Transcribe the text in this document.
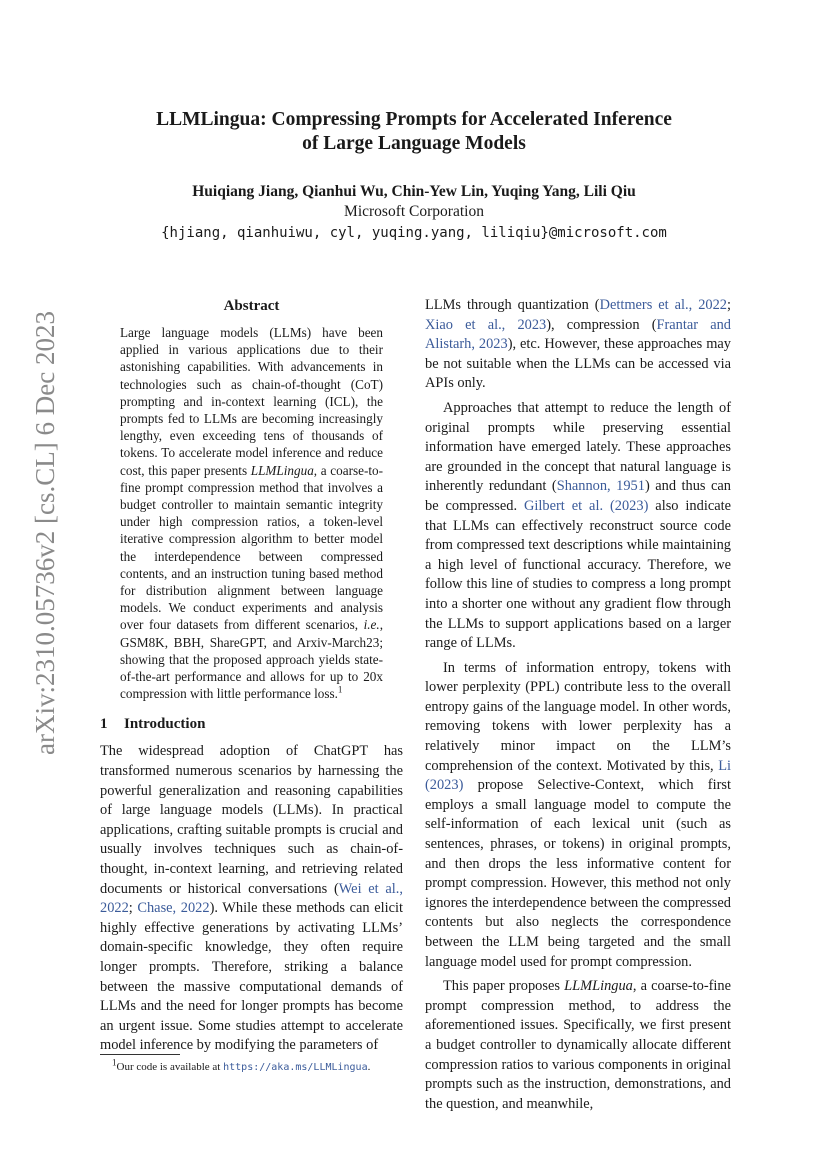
arXiv:2310.05736v2 [cs.CL] 6 Dec 2023
LLMLingua: Compressing Prompts for Accelerated Inference
of Large Language Models
Huiqiang Jiang, Qianhui Wu, Chin-Yew Lin, Yuqing Yang, Lili Qiu
Microsoft Corporation
{hjiang, qianhuiwu, cyl, yuqing.yang, liliqiu}@microsoft.com
Abstract

Large language models (LLMs) have been applied in various applications due to their astonishing capabilities. With advancements in technologies such as chain-of-thought (CoT) prompting and in-context learning (ICL), the prompts fed to LLMs are becoming increasingly lengthy, even exceeding tens of thousands of tokens. To accelerate model inference and reduce cost, this paper presents LLMLingua, a coarse-to-fine prompt compression method that involves a budget controller to maintain semantic integrity under high compression ratios, a token-level iterative compression algorithm to better model the interdependence between compressed contents, and an instruction tuning based method for distribution alignment between language models. We conduct experiments and analysis over four datasets from different scenarios, i.e., GSM8K, BBH, ShareGPT, and Arxiv-March23; showing that the proposed approach yields state-of-the-art performance and allows for up to 20x compression with little performance loss.$^1$

1 Introduction

The widespread adoption of ChatGPT has transformed numerous scenarios by harnessing the powerful generalization and reasoning capabilities of large language models (LLMs). In practical applications, crafting suitable prompts is crucial and usually involves techniques such as chain-of-thought, in-context learning, and retrieving related documents or historical conversations (Wei et al., 2022; Chase, 2022). While these methods can elicit highly effective generations by activating LLMs’ domain-specific knowledge, they often require longer prompts. Therefore, striking a balance between the massive computational demands of LLMs and the need for longer prompts has become an urgent issue. Some studies attempt to accelerate model inference by modifying the parameters of

LLMs through quantization (Dettmers et al., 2022; Xiao et al., 2023), compression (Frantar and Alistarh, 2023), etc. However, these approaches may be not suitable when the LLMs can be accessed via APIs only.

Approaches that attempt to reduce the length of original prompts while preserving essential information have emerged lately. These approaches are grounded in the concept that natural language is inherently redundant (Shannon, 1951) and thus can be compressed. Gilbert et al. (2023) also indicate that LLMs can effectively reconstruct source code from compressed text descriptions while maintaining a high level of functional accuracy. Therefore, we follow this line of studies to compress a long prompt into a shorter one without any gradient flow through the LLMs to support applications based on a larger range of LLMs.

In terms of information entropy, tokens with lower perplexity (PPL) contribute less to the overall entropy gains of the language model. In other words, removing tokens with lower perplexity has a relatively minor impact on the LLM’s comprehension of the context. Motivated by this, Li (2023) propose Selective-Context, which first employs a small language model to compute the self-information of each lexical unit (such as sentences, phrases, or tokens) in original prompts, and then drops the less informative content for prompt compression. However, this method not only ignores the interdependence between the compressed contents but also neglects the correspondence between the LLM being targeted and the small language model used for prompt compression.

This paper proposes LLMLingua, a coarse-to-fine prompt compression method, to address the aforementioned issues. Specifically, we first present a budget controller to dynamically allocate different compression ratios to various components in original prompts such as the instruction, demonstrations, and the question, and meanwhile,

$^1$Our code is available at https://aka.ms/LLMLingua.
